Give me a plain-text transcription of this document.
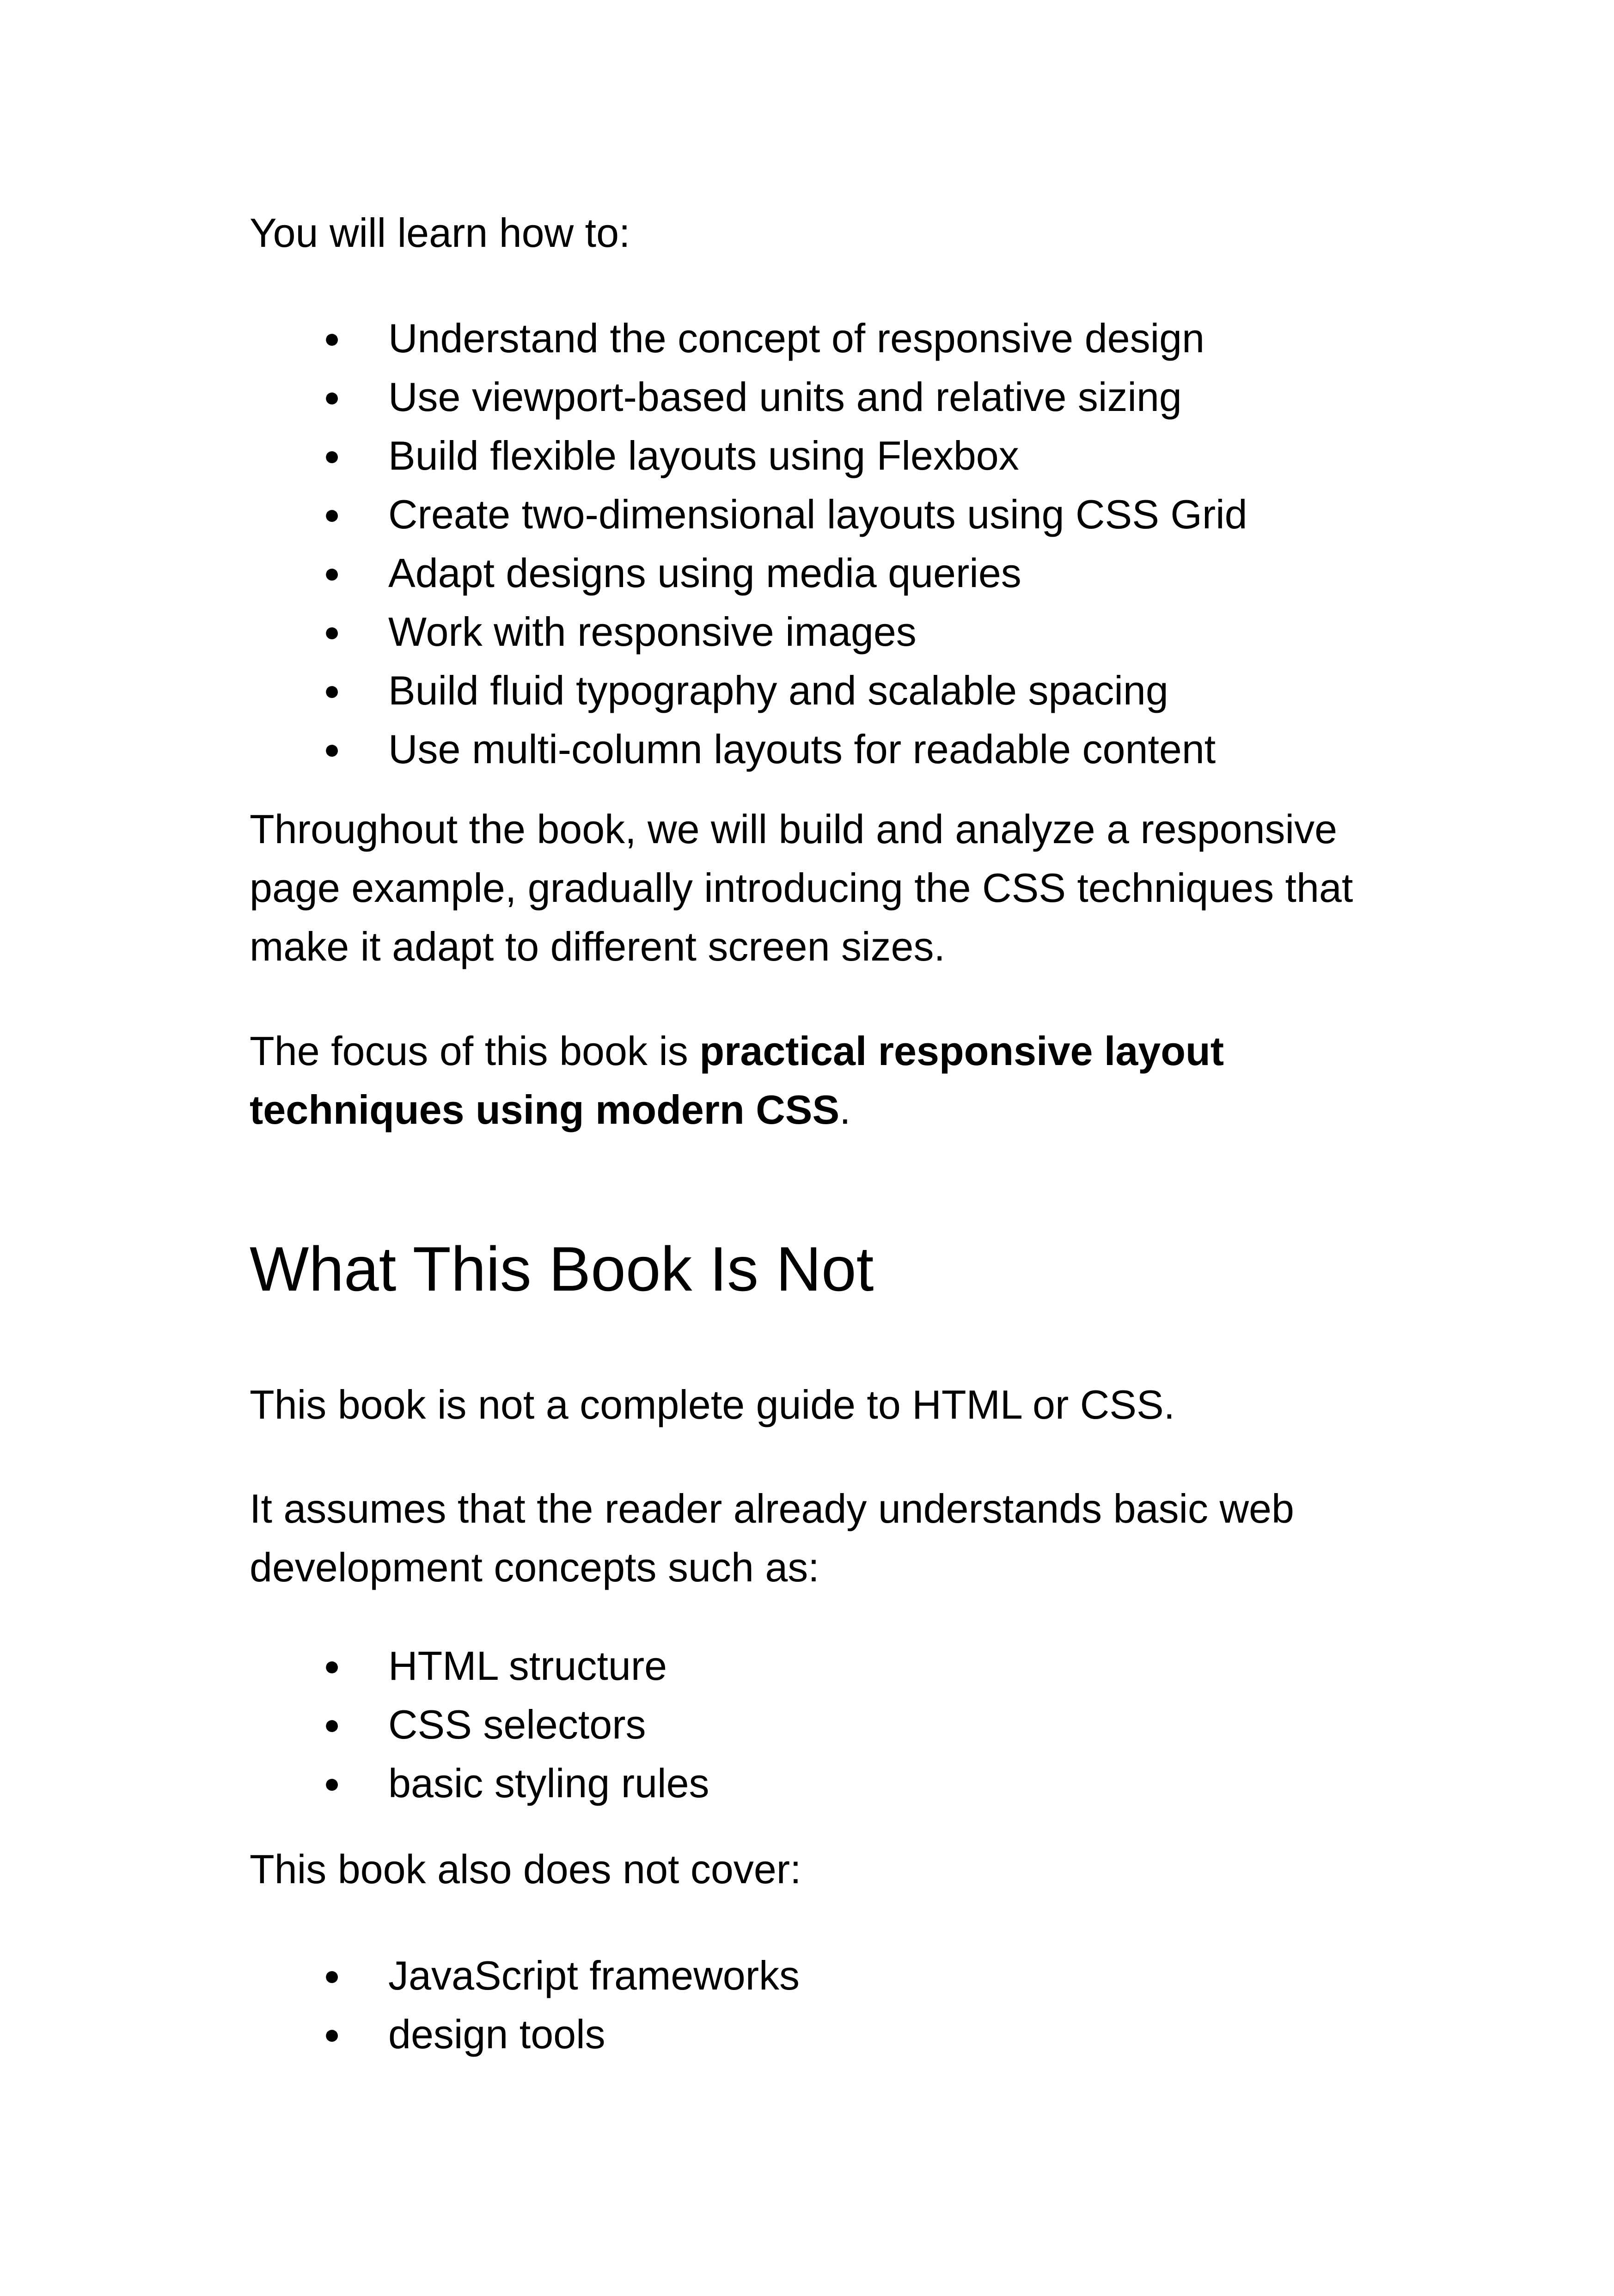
You will learn how to:

● Understand the concept of responsive design
● Use viewport-based units and relative sizing
● Build flexible layouts using Flexbox
● Create two-dimensional layouts using CSS Grid
● Adapt designs using media queries
● Work with responsive images
● Build fluid typography and scalable spacing
● Use multi-column layouts for readable content

Throughout the book, we will build and analyze a responsive page example, gradually introducing the CSS techniques that make it adapt to different screen sizes.

The focus of this book is practical responsive layout techniques using modern CSS.

What This Book Is Not

This book is not a complete guide to HTML or CSS.

It assumes that the reader already understands basic web development concepts such as:

● HTML structure
● CSS selectors
● basic styling rules

This book also does not cover:

● JavaScript frameworks
● design tools
